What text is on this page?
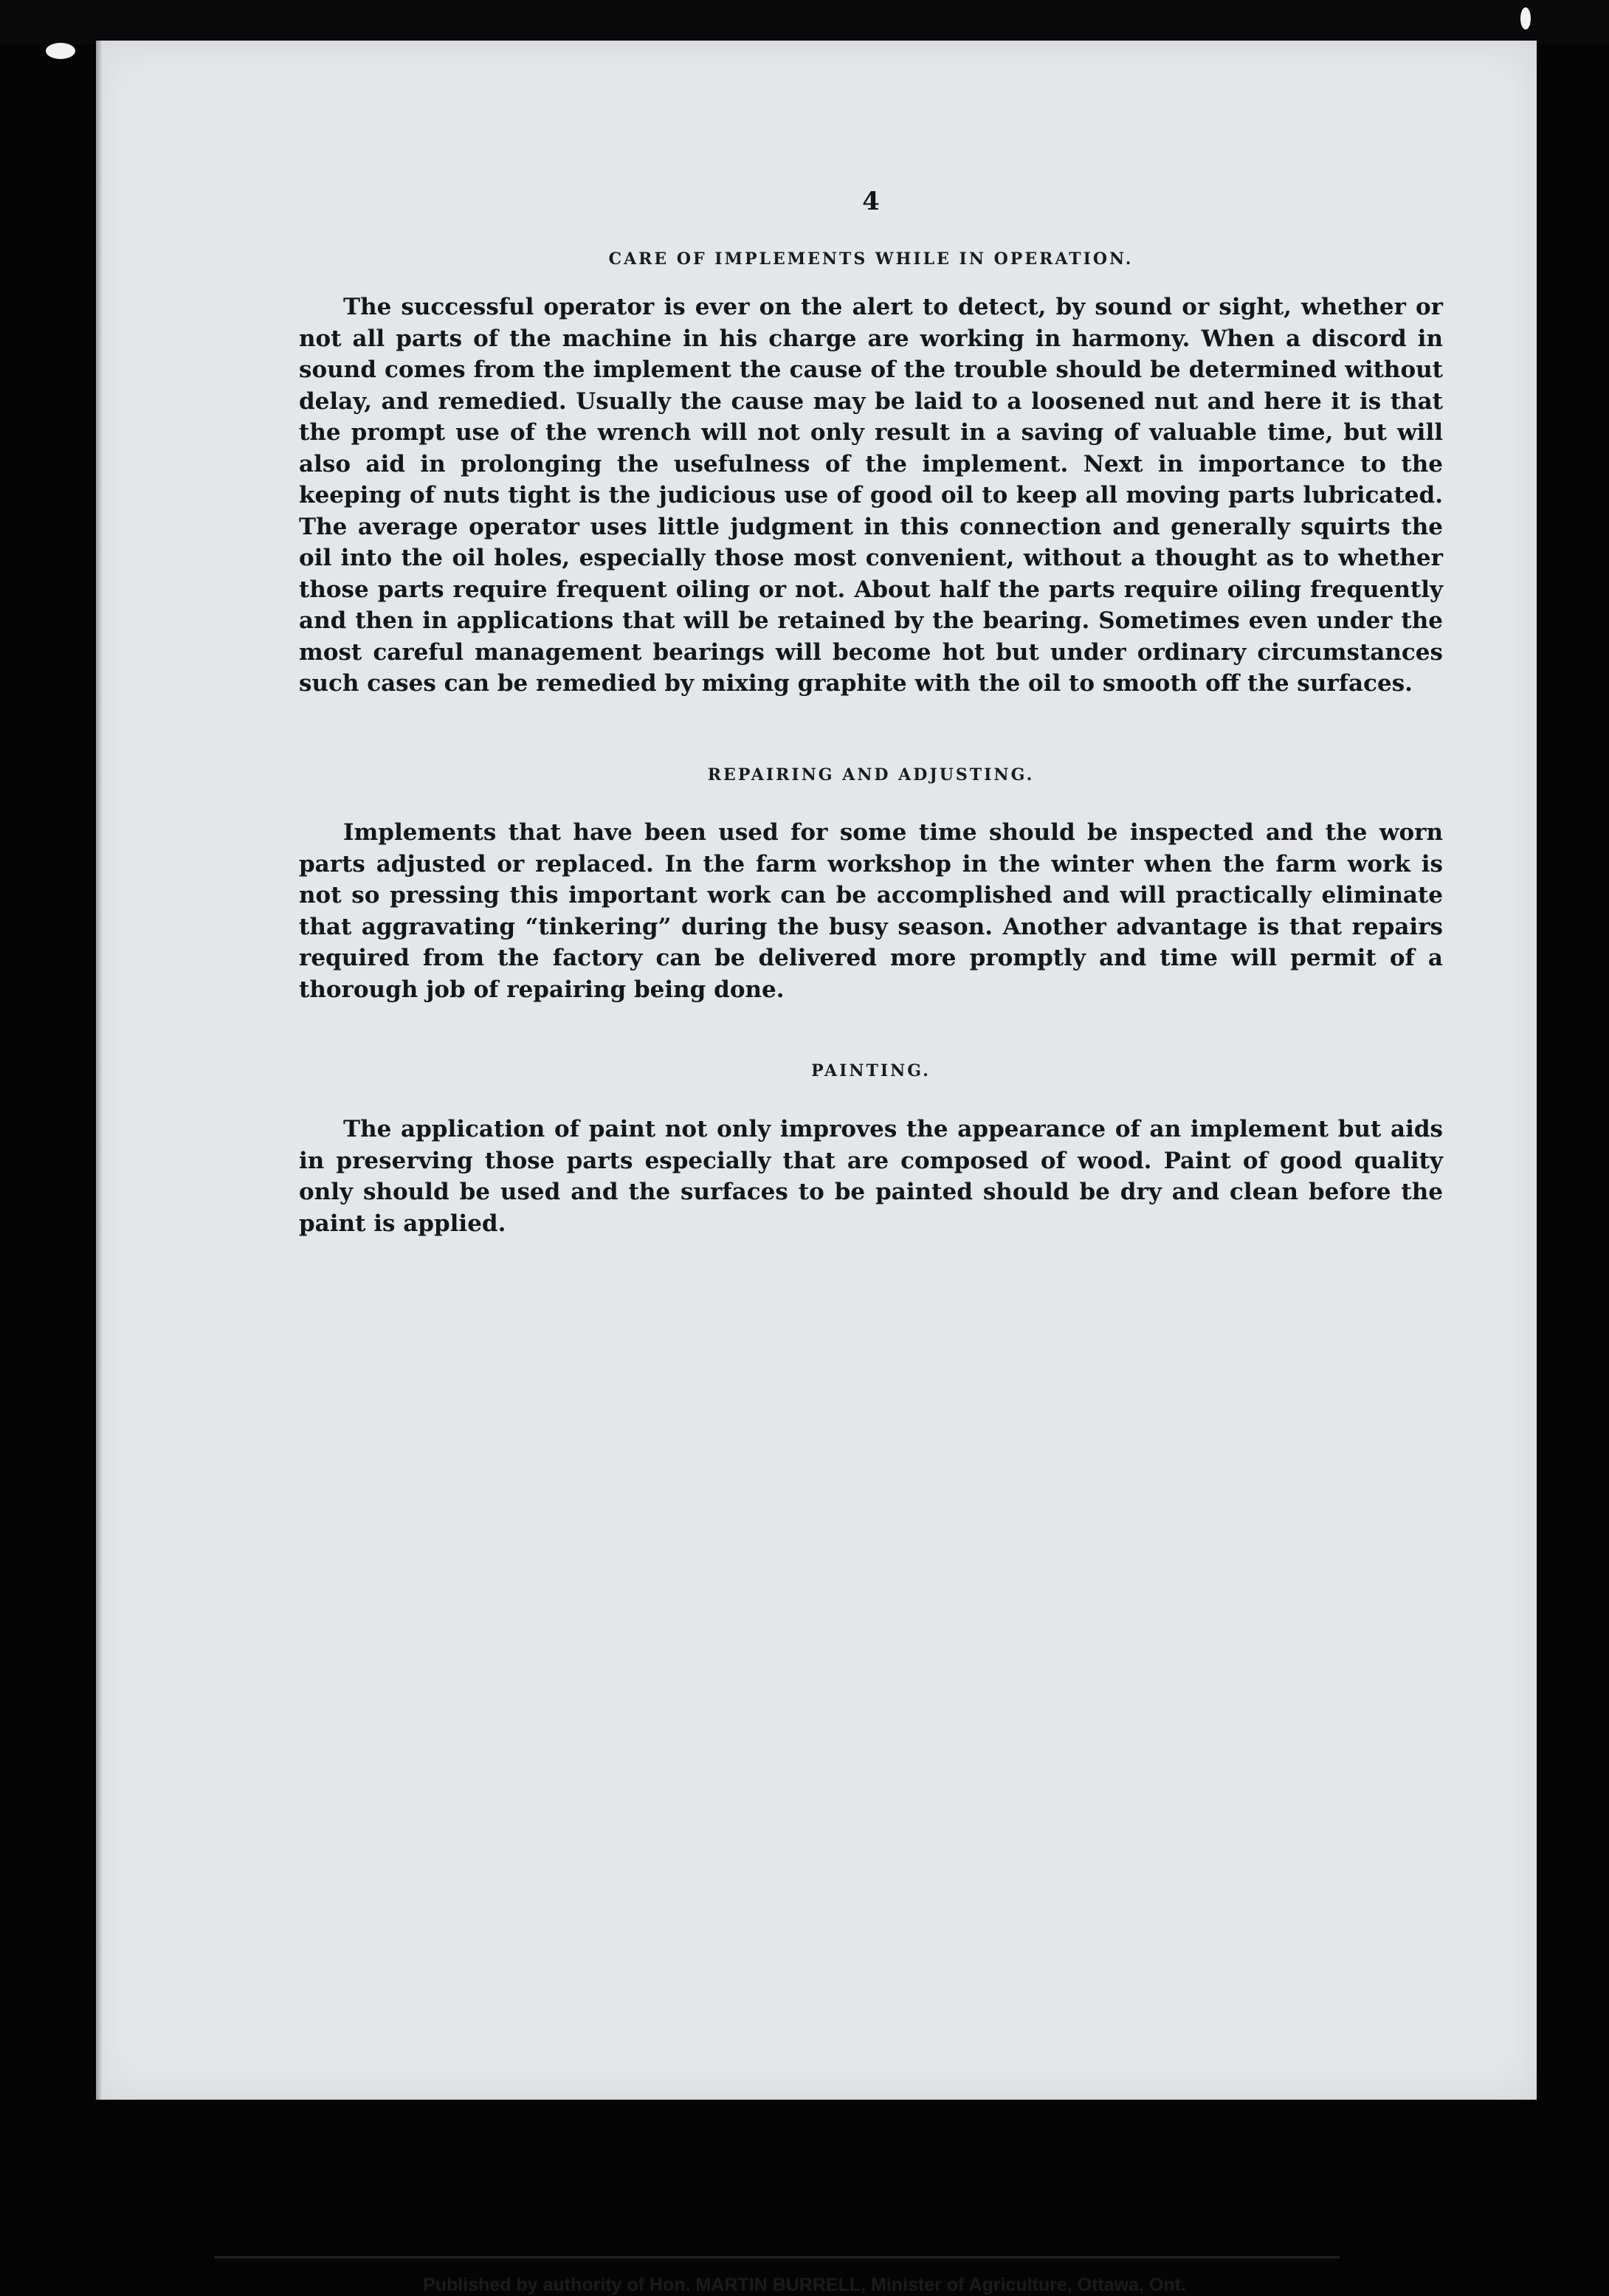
4
CARE OF IMPLEMENTS WHILE IN OPERATION.

The successful operator is ever on the alert to detect, by sound or sight, whether or not all parts of the machine in his charge are working in harmony. When a discord in sound comes from the implement the cause of the trouble should be determined without delay, and remedied. Usually the cause may be laid to a loosened nut and here it is that the prompt use of the wrench will not only result in a saving of valuable time, but will also aid in prolonging the usefulness of the implement. Next in importance to the keeping of nuts tight is the judicious use of good oil to keep all moving parts lubricated. The average operator uses little judgment in this connection and generally squirts the oil into the oil holes, especially those most convenient, without a thought as to whether those parts require frequent oiling or not. About half the parts require oiling frequently and then in applications that will be retained by the bearing. Sometimes even under the most careful management bearings will become hot but under ordinary circumstances such cases can be remedied by mixing graphite with the oil to smooth off the surfaces.

REPAIRING AND ADJUSTING.

Implements that have been used for some time should be inspected and the worn parts adjusted or replaced. In the farm workshop in the winter when the farm work is not so pressing this important work can be accomplished and will practically eliminate that aggravating “tinkering” during the busy season. Another advantage is that repairs required from the factory can be delivered more promptly and time will permit of a thorough job of repairing being done.

PAINTING.

The application of paint not only improves the appearance of an implement but aids in preserving those parts especially that are composed of wood. Paint of good quality only should be used and the surfaces to be painted should be dry and clean before the paint is applied.

Published by authority of Hon. MARTIN BURRELL, Minister of Agriculture, Ottawa, Ont.
